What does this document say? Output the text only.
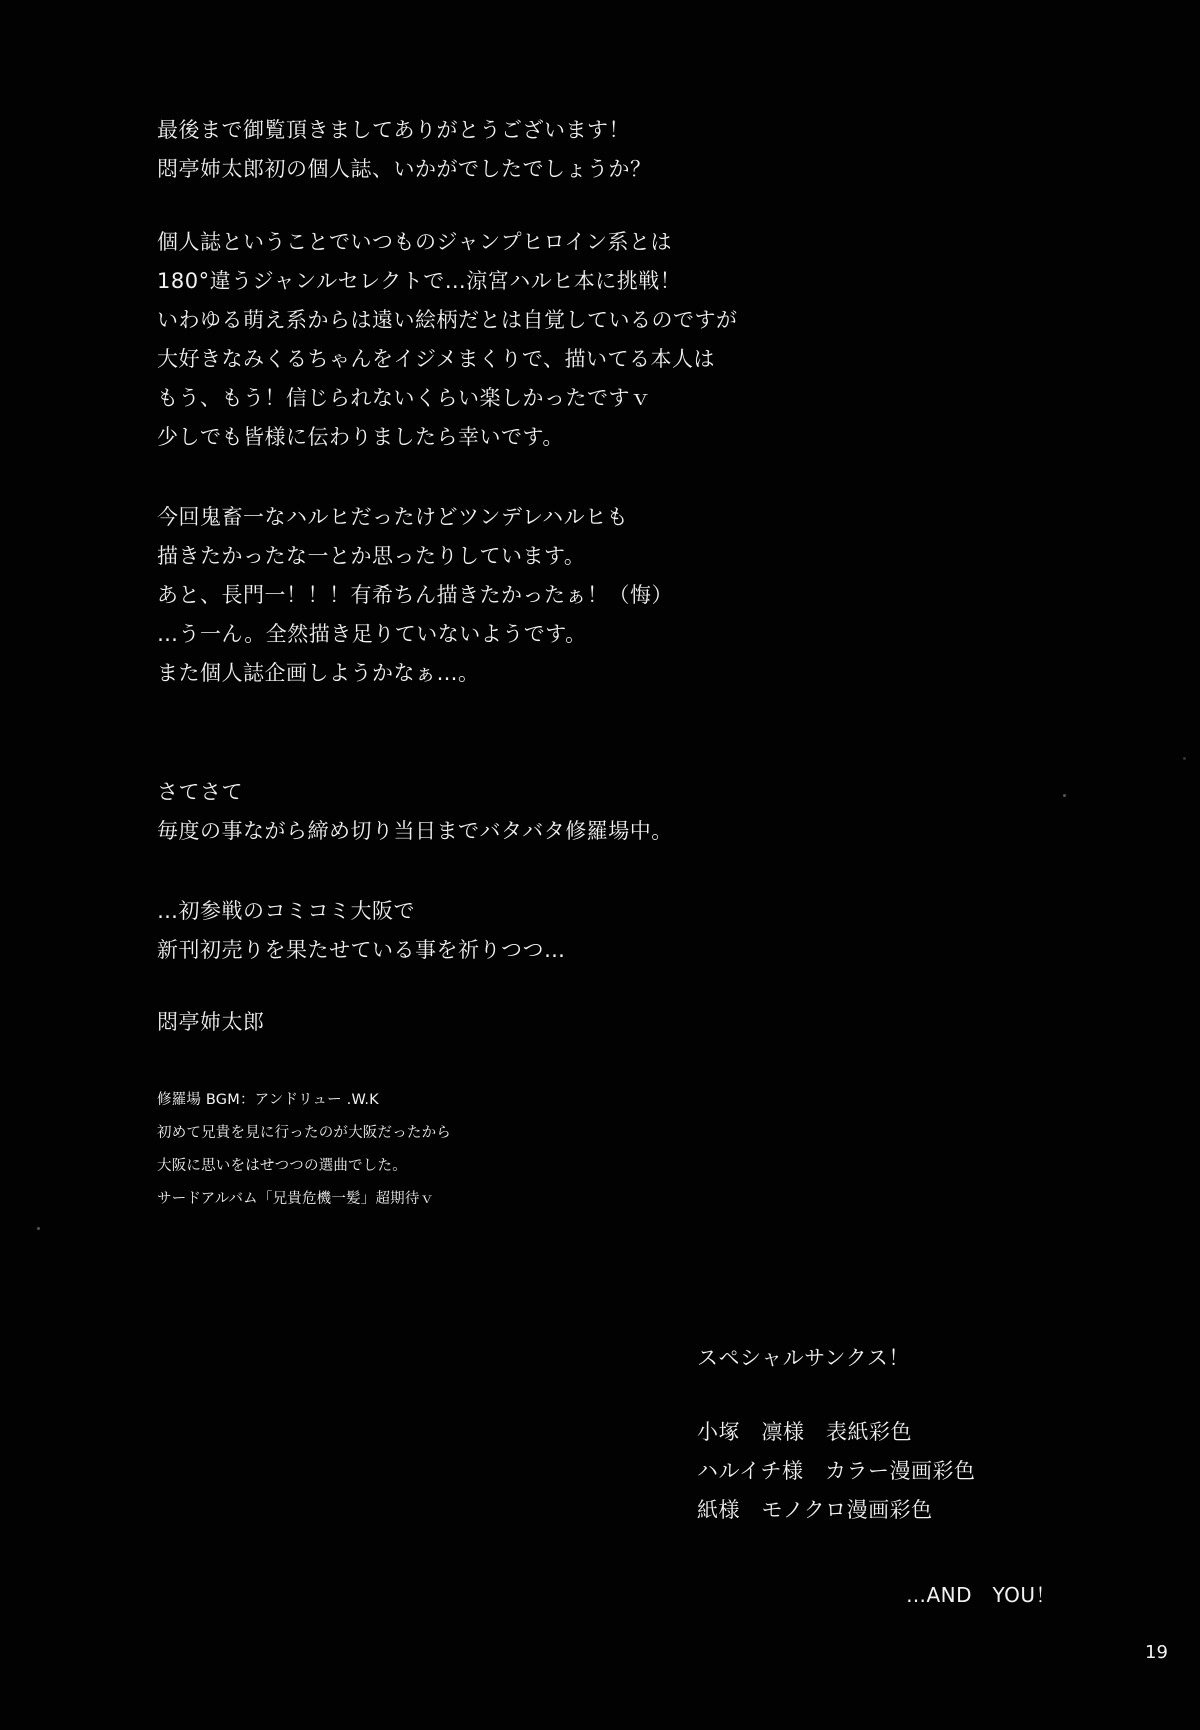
最後まで御覧頂きましてありがとうございます！
悶亭姉太郎初の個人誌、いかがでしたでしょうか？
個人誌ということでいつものジャンプヒロイン系とは
180°違うジャンルセレクトで…涼宮ハルヒ本に挑戦！
いわゆる萌え系からは遠い絵柄だとは自覚しているのですが
大好きなみくるちゃんをイジメまくりで、描いてる本人は
もう、もう！信じられないくらい楽しかったですｖ
少しでも皆様に伝わりましたら幸いです。
今回鬼畜一なハルヒだったけどツンデレハルヒも
描きたかったな一とか思ったりしています。
あと、長門一！！！有希ちん描きたかったぁ！（悔）
…う一ん。全然描き足りていないようです。
また個人誌企画しようかなぁ…。
さてさて
毎度の事ながら締め切り当日までバタバタ修羅場中。
…初参戦のコミコミ大阪で
新刊初売りを果たせている事を祈りつつ…
悶亭姉太郎
修羅場 BGM：アンドリュー .W.K
初めて兄貴を見に行ったのが大阪だったから
大阪に思いをはせつつの選曲でした。
サードアルバム「兄貴危機一髪」超期待ｖ
スペシャルサンクス！
小塚　凛様　表紙彩色
ハルイチ様　カラー漫画彩色
紙様　モノクロ漫画彩色
…AND　YOU！
19
